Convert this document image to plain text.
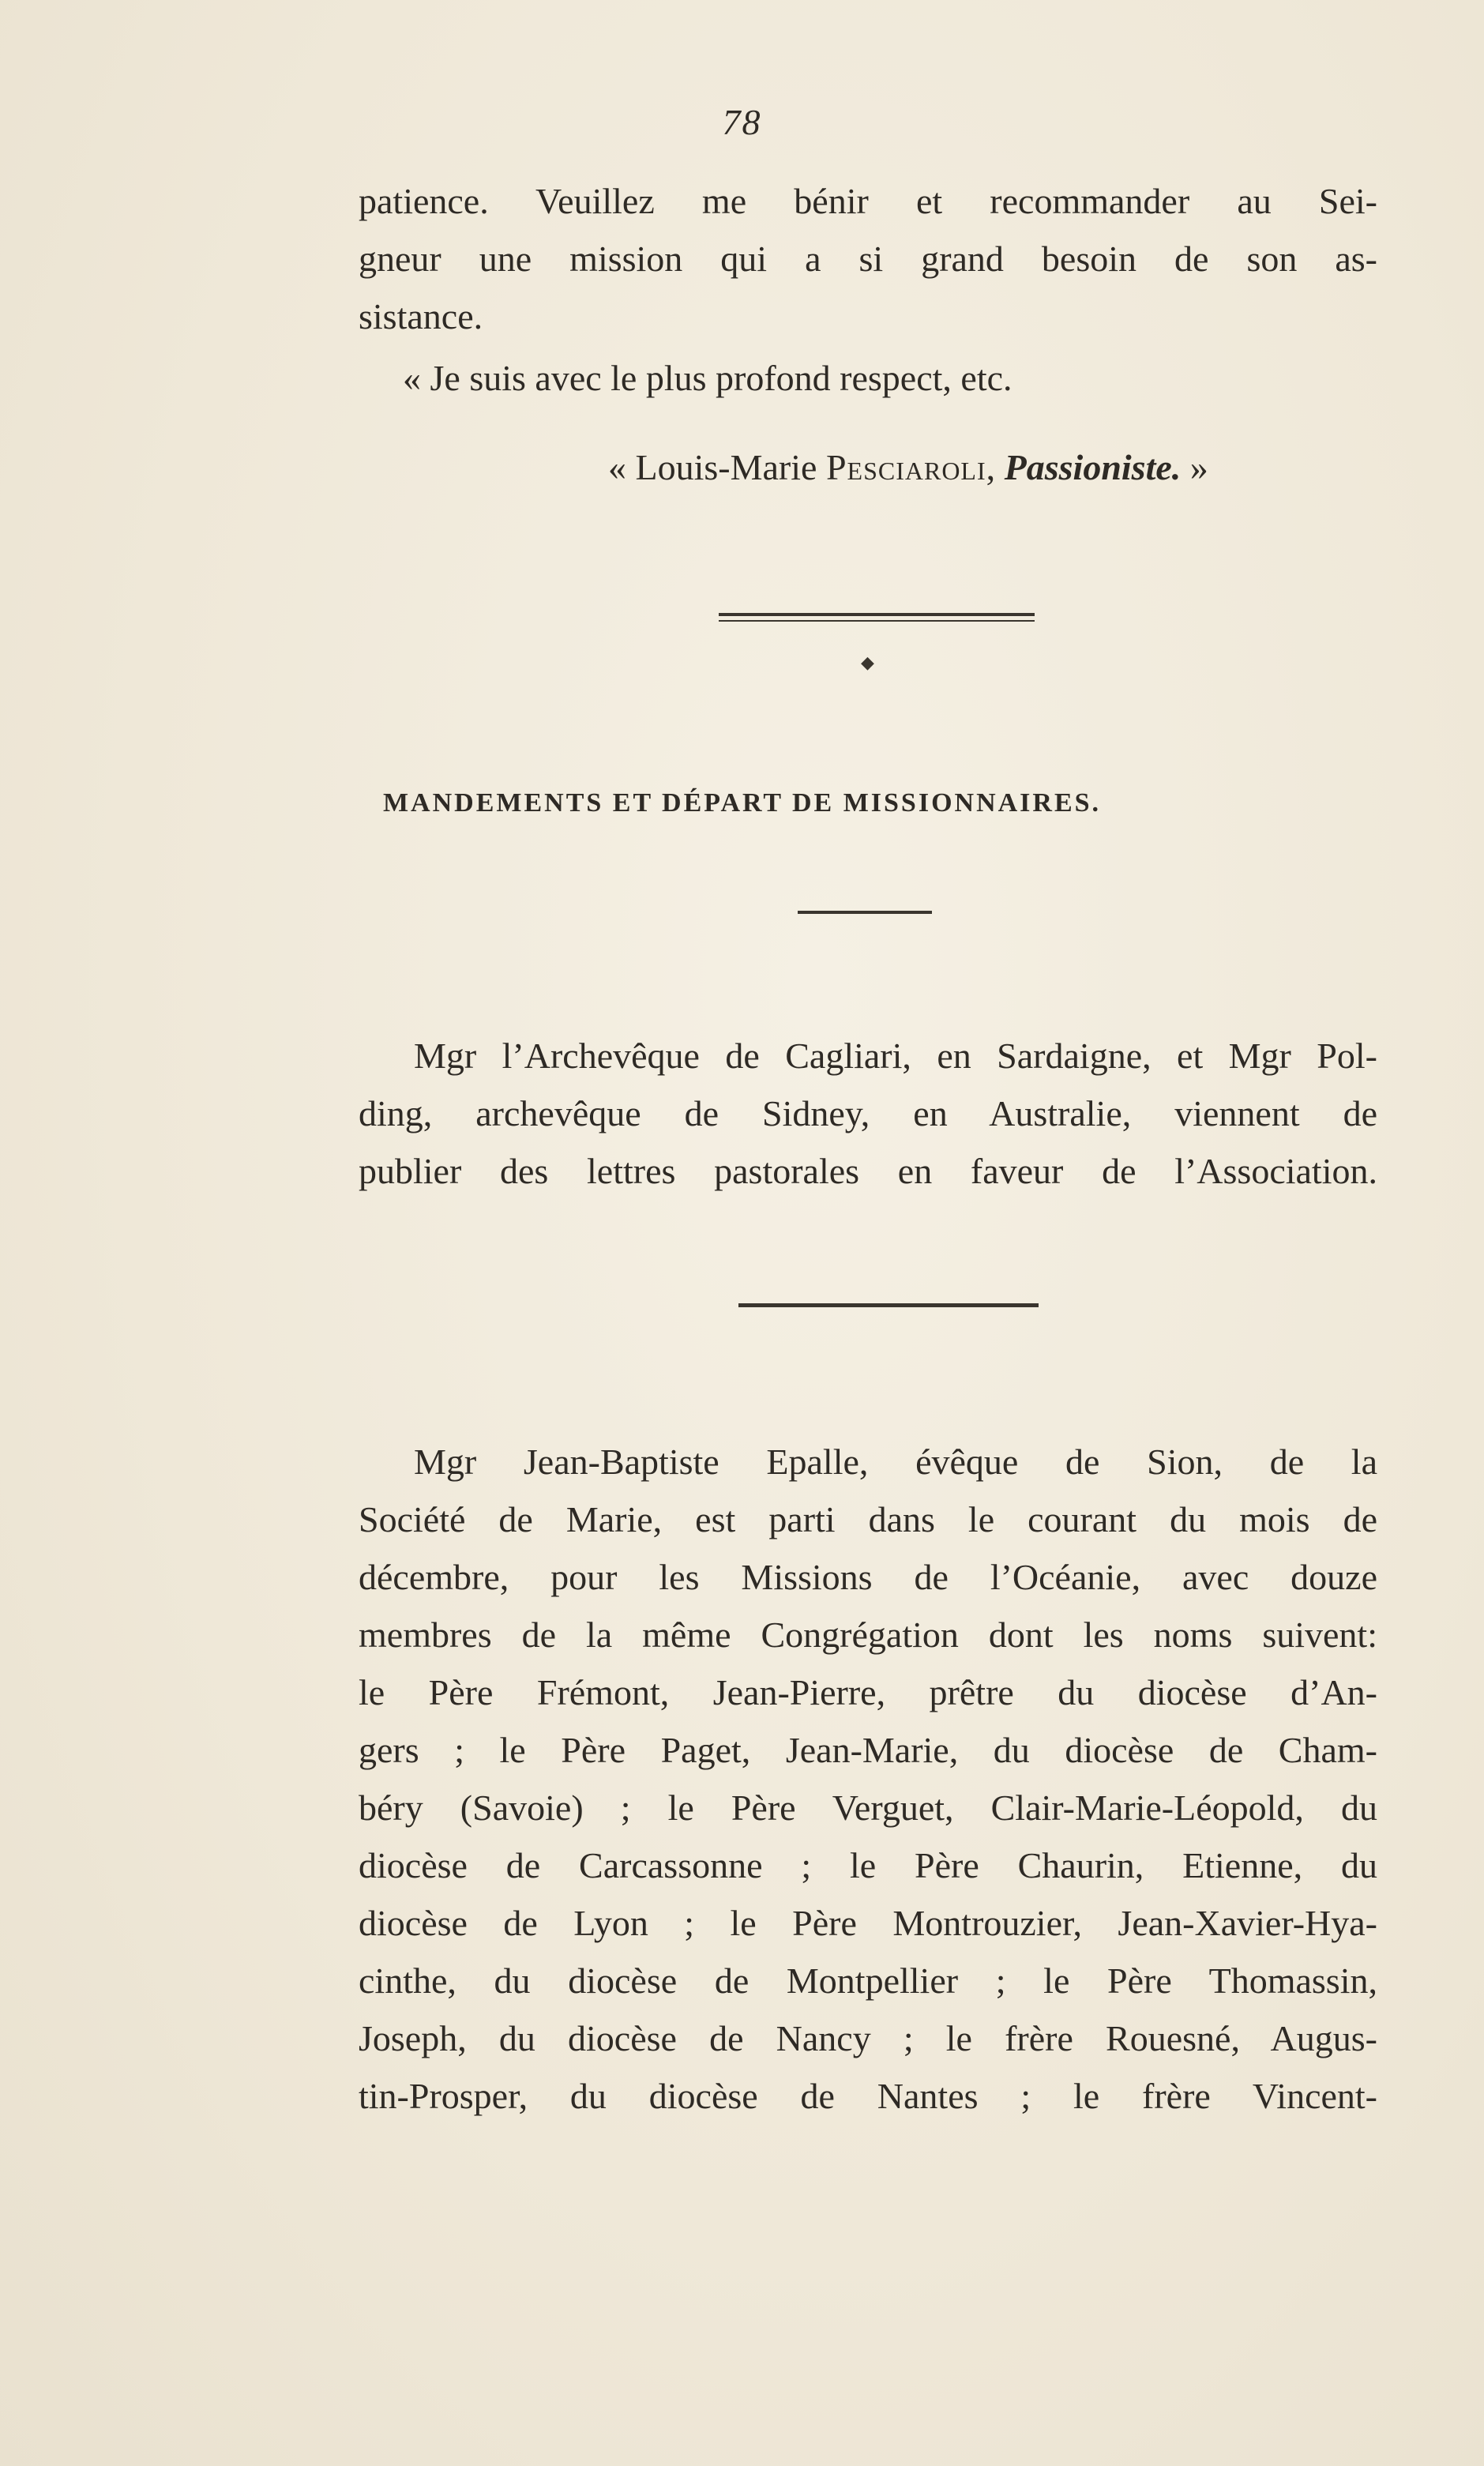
78
patience. Veuillez me bénir et recommander au Sei-
gneur une mission qui a si grand besoin de son as-
sistance.
« Je suis avec le plus profond respect, etc.
« Louis-Marie Pesciaroli, Passioniste. »
◆
MANDEMENTS ET DÉPART DE MISSIONNAIRES.
Mgr l’Archevêque de Cagliari, en Sardaigne, et Mgr Pol-
ding, archevêque de Sidney, en Australie, viennent de
publier des lettres pastorales en faveur de l’Association.
Mgr Jean-Baptiste Epalle, évêque de Sion, de la
Société de Marie, est parti dans le courant du mois de
décembre, pour les Missions de l’Océanie, avec douze
membres de la même Congrégation dont les noms suivent:
le Père Frémont, Jean-Pierre, prêtre du diocèse d’An-
gers ; le Père Paget, Jean-Marie, du diocèse de Cham-
béry (Savoie) ; le Père Verguet, Clair-Marie-Léopold, du
diocèse de Carcassonne ; le Père Chaurin, Etienne, du
diocèse de Lyon ; le Père Montrouzier, Jean-Xavier-Hya-
cinthe, du diocèse de Montpellier ; le Père Thomassin,
Joseph, du diocèse de Nancy ; le frère Rouesné, Augus-
tin-Prosper, du diocèse de Nantes ; le frère Vincent-
